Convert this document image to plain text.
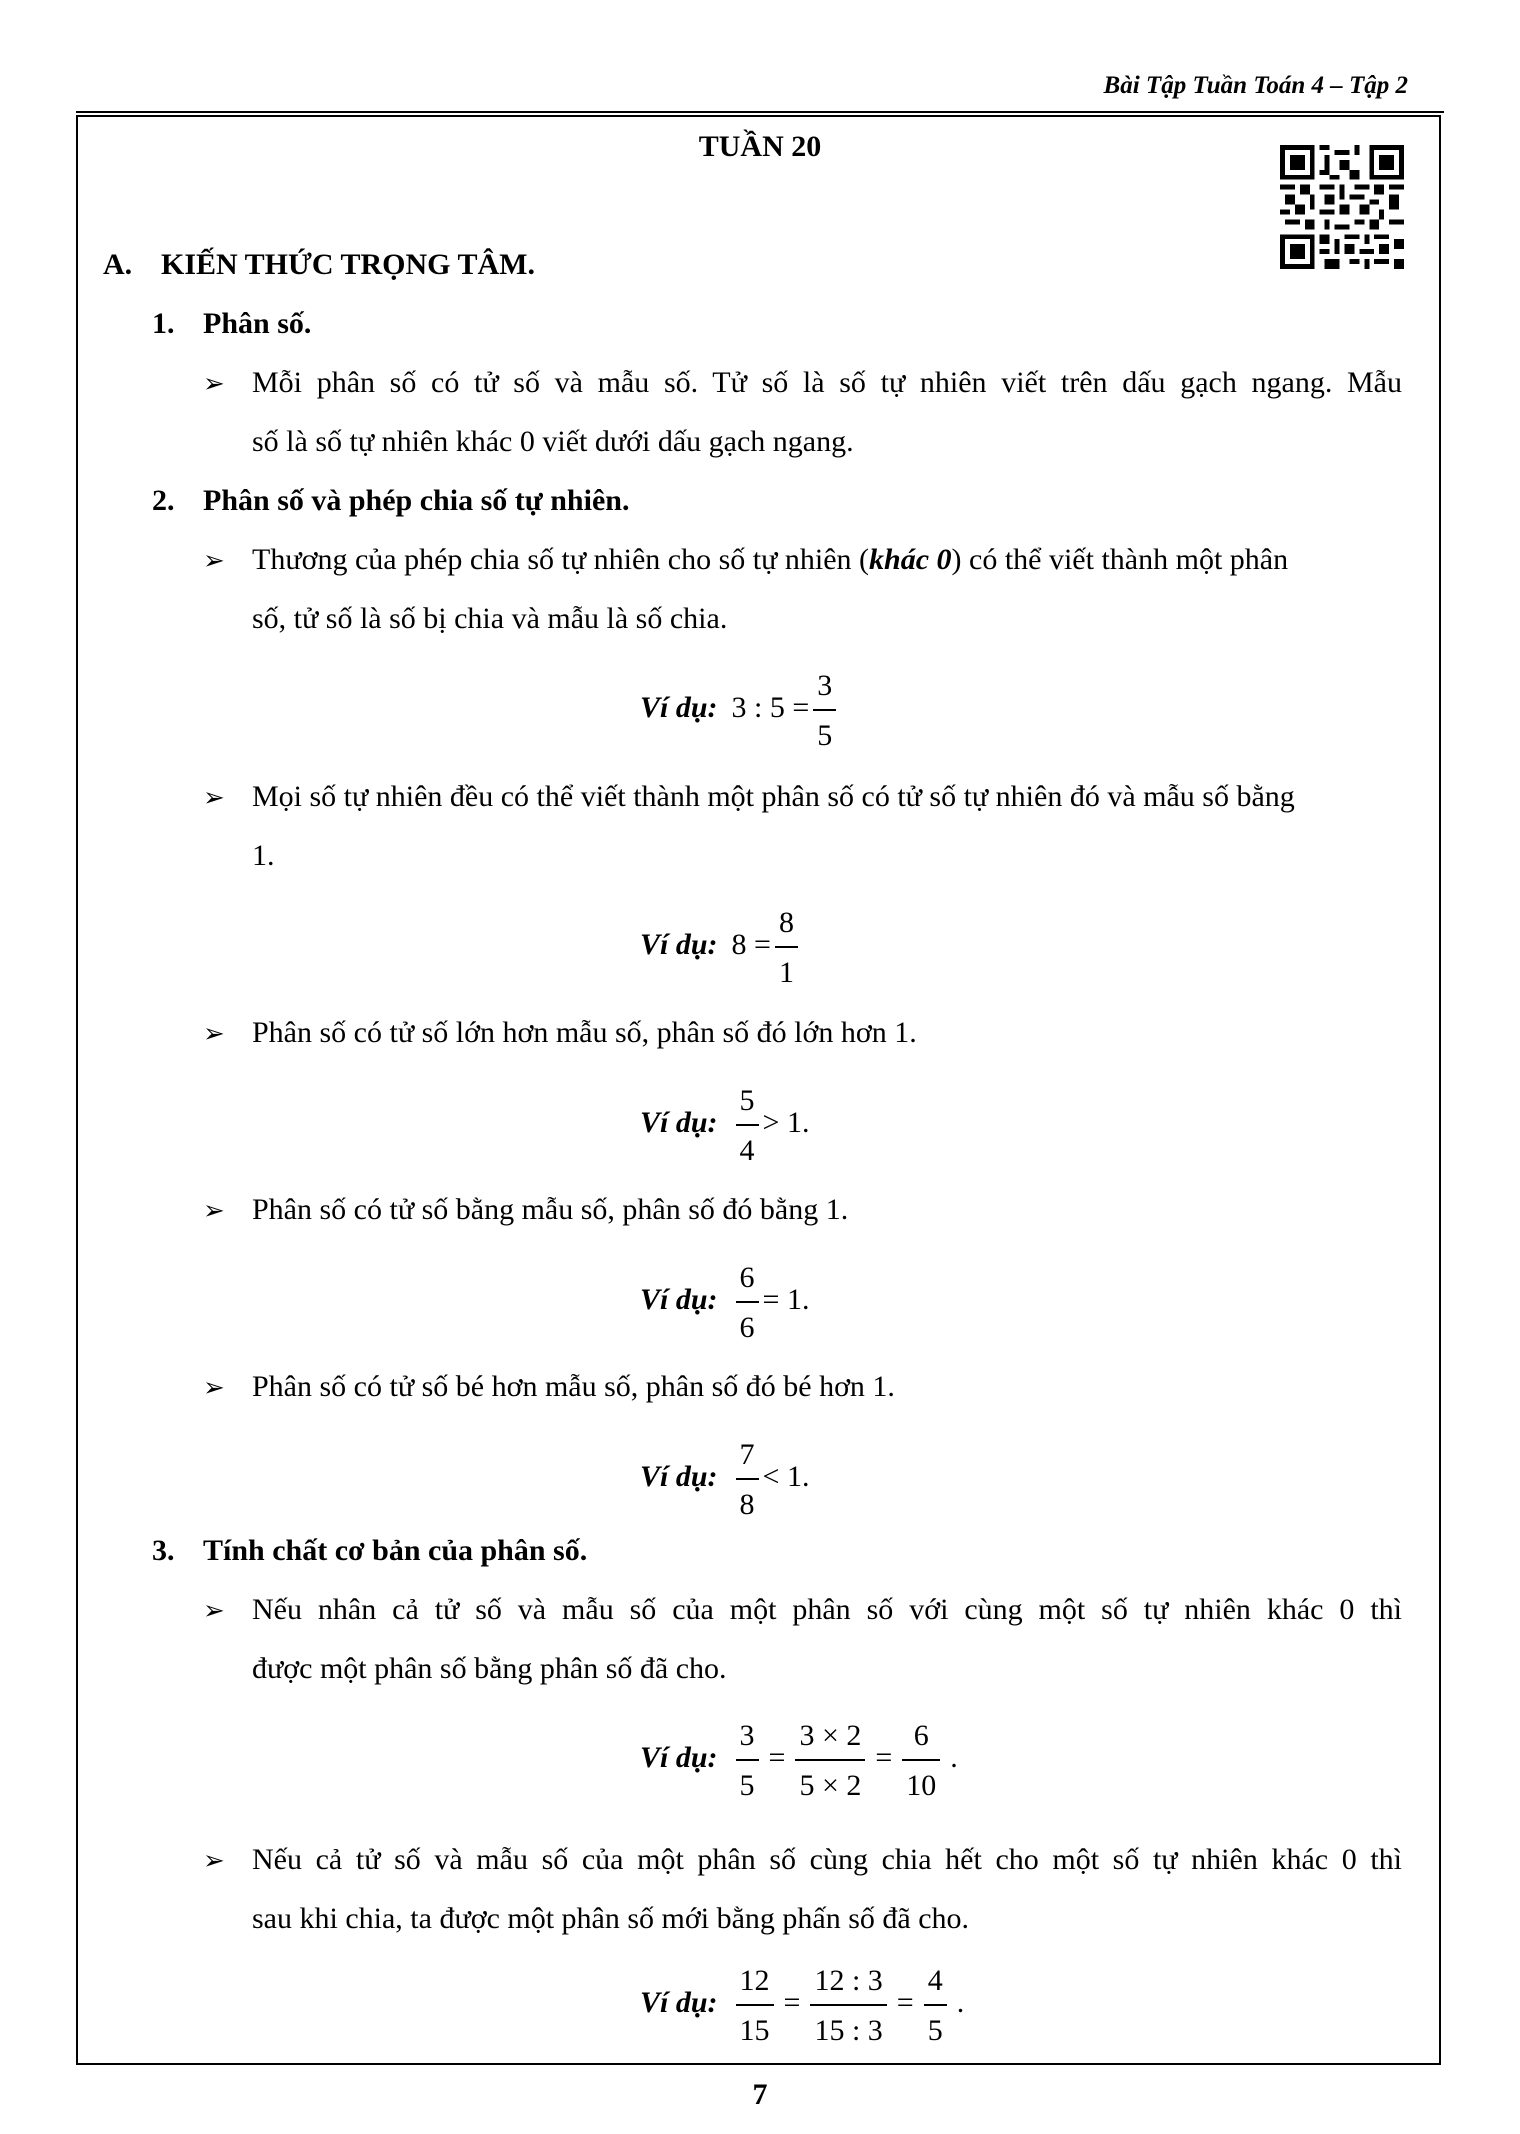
Bài Tập Tuần Toán 4 – Tập 2
TUẦN 20
A. KIẾN THỨC TRỌNG TÂM.
1. Phân số.
➢ Mỗi phân số có tử số và mẫu số. Tử số là số tự nhiên viết trên dấu gạch ngang. Mẫu
số là số tự nhiên khác 0 viết dưới dấu gạch ngang.
2. Phân số và phép chia số tự nhiên.
➢ Thương của phép chia số tự nhiên cho số tự nhiên (khác 0) có thể viết thành một phân
số, tử số là số bị chia và mẫu là số chia.
Ví dụ: 3 : $5 = \frac{3}{5}$
➢ Mọi số tự nhiên đều có thể viết thành một phân số có tử số tự nhiên đó và mẫu số bằng
1.
Ví dụ: $8 = \frac{8}{1}$
➢ Phân số có tử số lớn hơn mẫu số, phân số đó lớn hơn 1.
Ví dụ: $\frac{5}{4} > 1$.
➢ Phân số có tử số bằng mẫu số, phân số đó bằng 1.
Ví dụ: $\frac{6}{6} = 1$.
➢ Phân số có tử số bé hơn mẫu số, phân số đó bé hơn 1.
Ví dụ: $\frac{7}{8} < 1$.
3. Tính chất cơ bản của phân số.
➢ Nếu nhân cả tử số và mẫu số của một phân số với cùng một số tự nhiên khác 0 thì
được một phân số bằng phân số đã cho.
Ví dụ: $\frac{3}{5} = \frac{3 \times 2}{5 \times 2} = \frac{6}{10}$ .
➢ Nếu cả tử số và mẫu số của một phân số cùng chia hết cho một số tự nhiên khác 0 thì
sau khi chia, ta được một phân số mới bằng phấn số đã cho.
Ví dụ: $\frac{12}{15} = \frac{12 : 3}{15 : 3} = \frac{4}{5}$ .
7
